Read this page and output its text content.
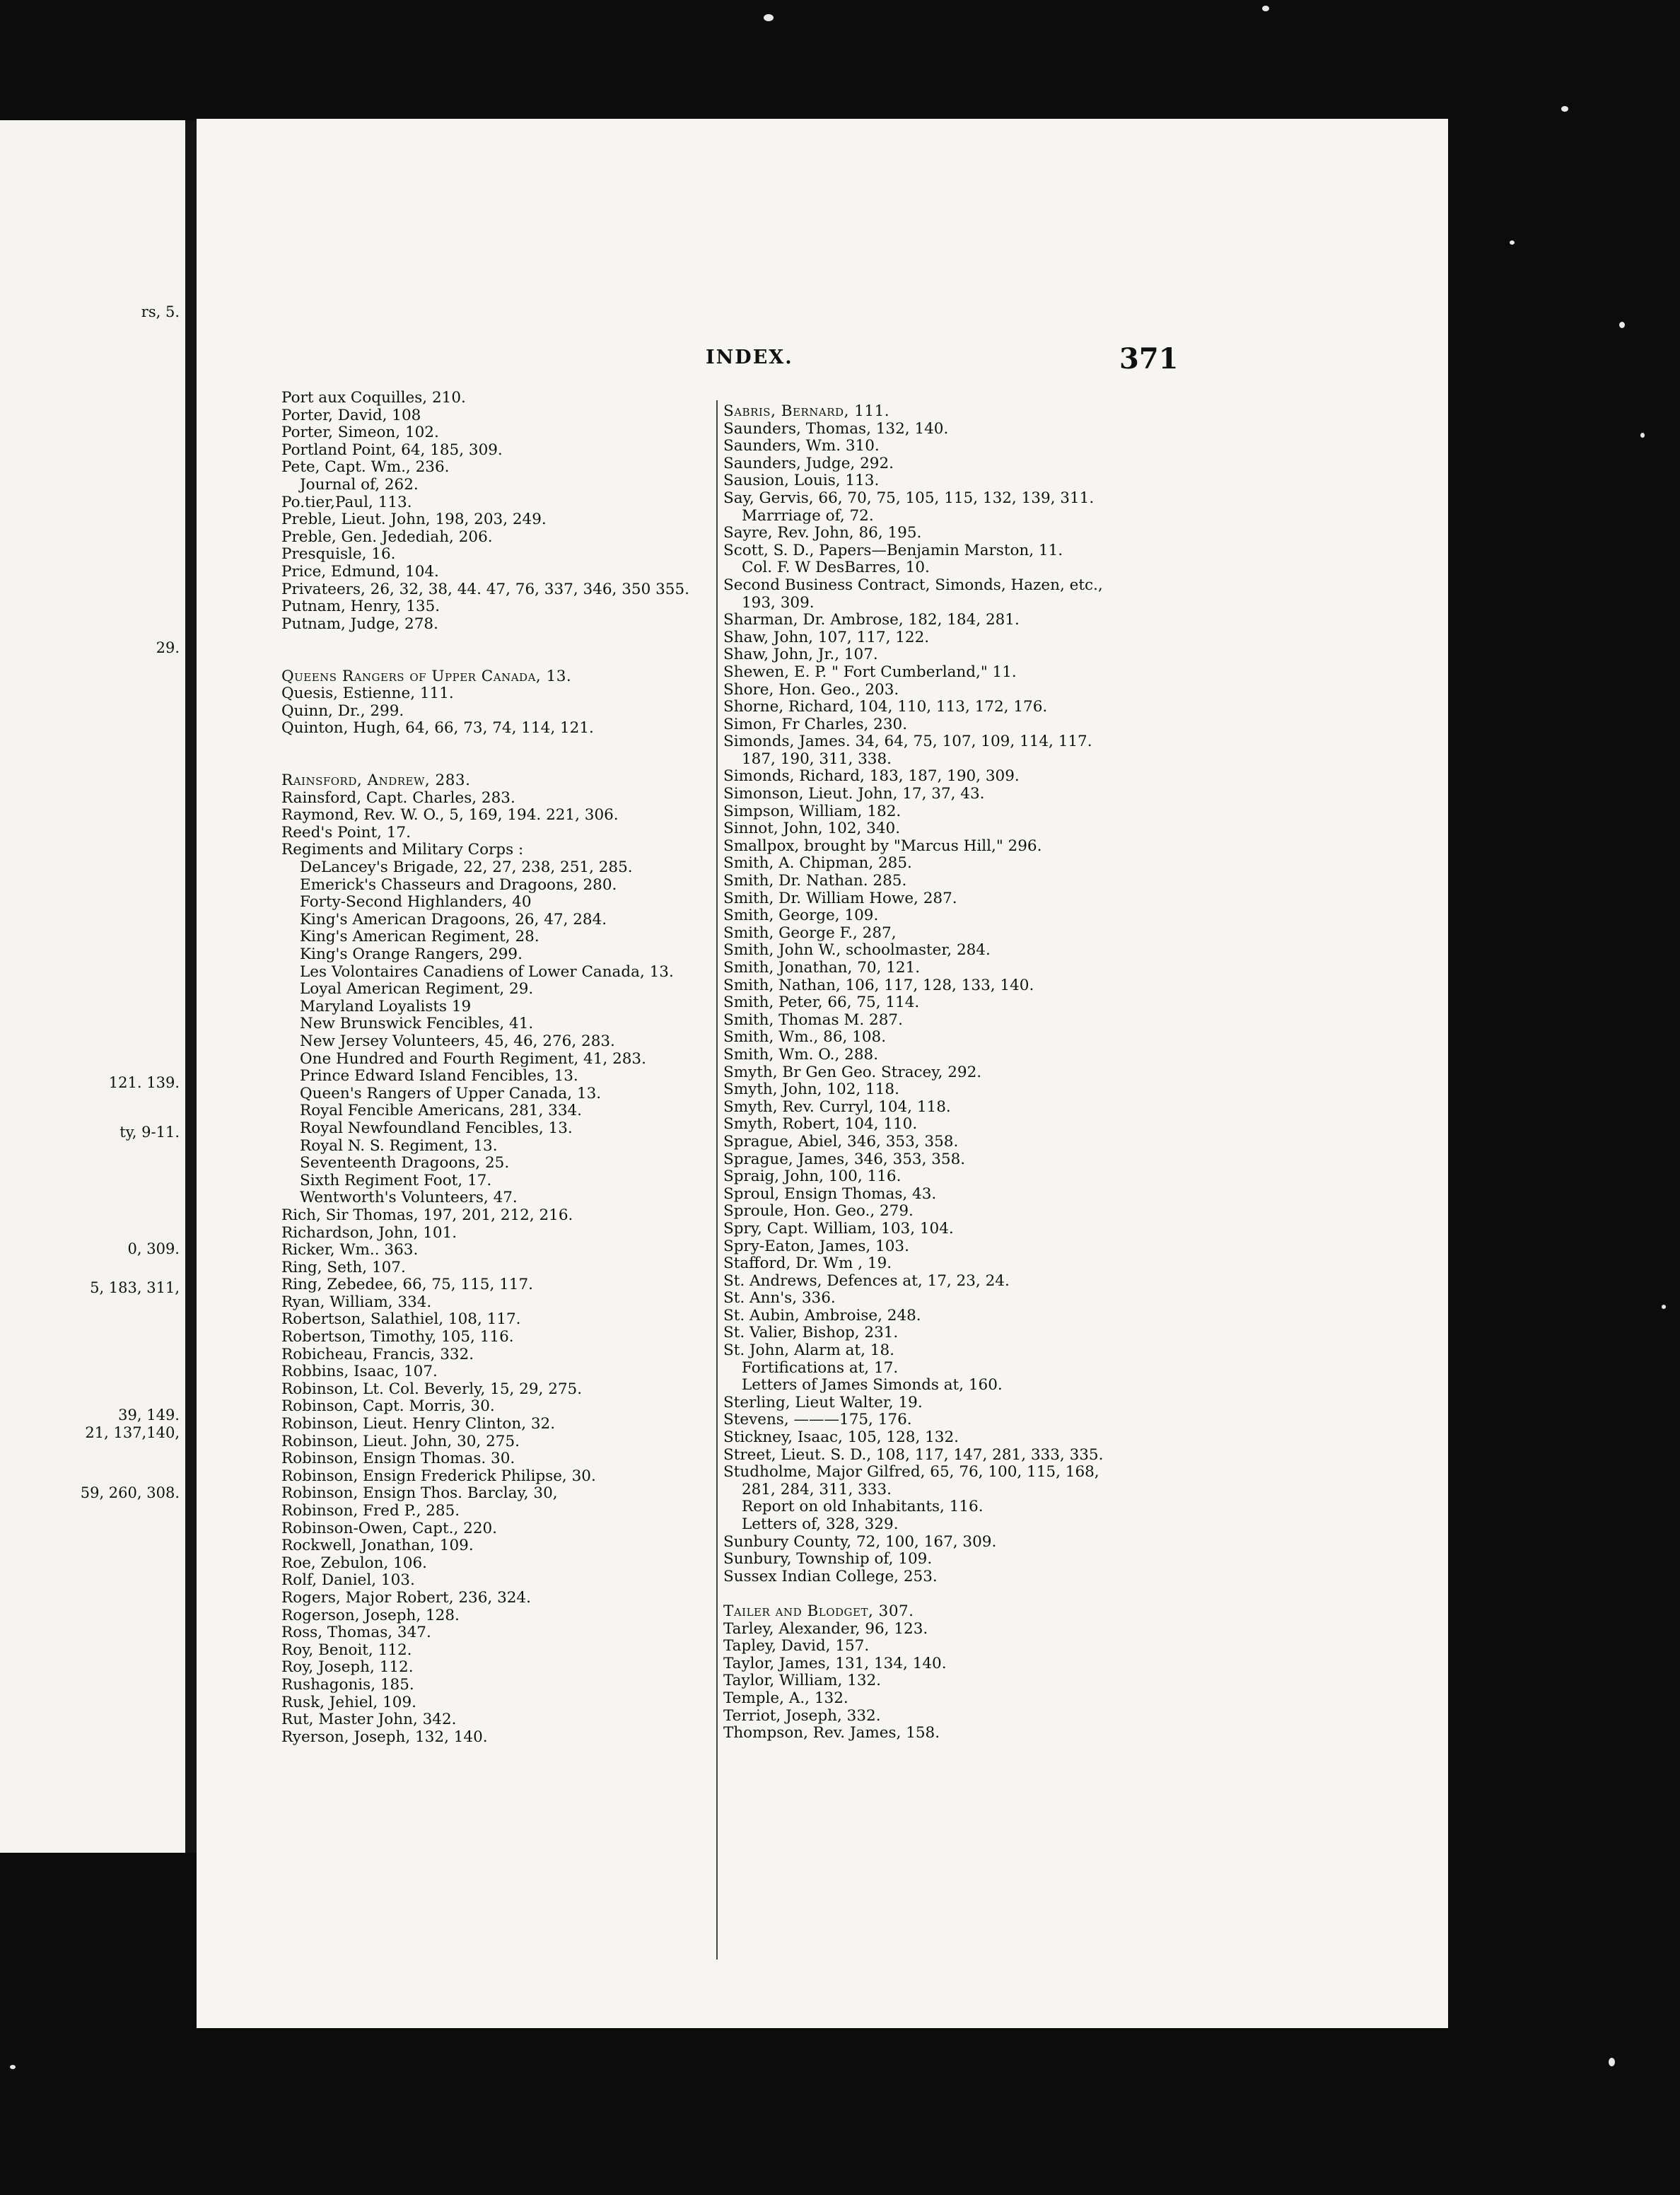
rs, 5.
29.
121. 139.
ty, 9-11.
0, 309.
5, 183, 311,
39, 149.
21, 137,140,
59, 260, 308.
INDEX.	371
Port aux Coquilles, 210.
Porter, David, 108
Porter, Simeon, 102.
Portland Point, 64, 185, 309.
Pete, Capt. Wm., 236.
Journal of, 262.
Po.tier,Paul, 113.
Preble, Lieut. John, 198, 203, 249.
Preble, Gen. Jedediah, 206.
Presquisle, 16.
Price, Edmund, 104.
Privateers, 26, 32, 38, 44. 47, 76, 337, 346, 350 355.
Putnam, Henry, 135.
Putnam, Judge, 278.
Queens Rangers of Upper Canada, 13.
Quesis, Estienne, 111.
Quinn, Dr., 299.
Quinton, Hugh, 64, 66, 73, 74, 114, 121.
Rainsford, Andrew, 283.
Rainsford, Capt. Charles, 283.
Raymond, Rev. W. O., 5, 169, 194. 221, 306.
Reed's Point, 17.
Regiments and Military Corps :
DeLancey's Brigade, 22, 27, 238, 251, 285.
Emerick's Chasseurs and Dragoons, 280.
Forty-Second Highlanders, 40
King's American Dragoons, 26, 47, 284.
King's American Regiment, 28.
King's Orange Rangers, 299.
Les Volontaires Canadiens of Lower Canada, 13.
Loyal American Regiment, 29.
Maryland Loyalists 19
New Brunswick Fencibles, 41.
New Jersey Volunteers, 45, 46, 276, 283.
One Hundred and Fourth Regiment, 41, 283.
Prince Edward Island Fencibles, 13.
Queen's Rangers of Upper Canada, 13.
Royal Fencible Americans, 281, 334.
Royal Newfoundland Fencibles, 13.
Royal N. S. Regiment, 13.
Seventeenth Dragoons, 25.
Sixth Regiment Foot, 17.
Wentworth's Volunteers, 47.
Rich, Sir Thomas, 197, 201, 212, 216.
Richardson, John, 101.
Ricker, Wm.. 363.
Ring, Seth, 107.
Ring, Zebedee, 66, 75, 115, 117.
Ryan, William, 334.
Robertson, Salathiel, 108, 117.
Robertson, Timothy, 105, 116.
Robicheau, Francis, 332.
Robbins, Isaac, 107.
Robinson, Lt. Col. Beverly, 15, 29, 275.
Robinson, Capt. Morris, 30.
Robinson, Lieut. Henry Clinton, 32.
Robinson, Lieut. John, 30, 275.
Robinson, Ensign Thomas. 30.
Robinson, Ensign Frederick Philipse, 30.
Robinson, Ensign Thos. Barclay, 30,
Robinson, Fred P., 285.
Robinson-Owen, Capt., 220.
Rockwell, Jonathan, 109.
Roe, Zebulon, 106.
Rolf, Daniel, 103.
Rogers, Major Robert, 236, 324.
Rogerson, Joseph, 128.
Ross, Thomas, 347.
Roy, Benoit, 112.
Roy, Joseph, 112.
Rushagonis, 185.
Rusk, Jehiel, 109.
Rut, Master John, 342.
Ryerson, Joseph, 132, 140.
Sabris, Bernard, 111.
Saunders, Thomas, 132, 140.
Saunders, Wm. 310.
Saunders, Judge, 292.
Sausion, Louis, 113.
Say, Gervis, 66, 70, 75, 105, 115, 132, 139, 311.
Marrriage of, 72.
Sayre, Rev. John, 86, 195.
Scott, S. D., Papers—Benjamin Marston, 11.
Col. F. W DesBarres, 10.
Second Business Contract, Simonds, Hazen, etc.,
193, 309.
Sharman, Dr. Ambrose, 182, 184, 281.
Shaw, John, 107, 117, 122.
Shaw, John, Jr., 107.
Shewen, E. P. " Fort Cumberland," 11.
Shore, Hon. Geo., 203.
Shorne, Richard, 104, 110, 113, 172, 176.
Simon, Fr Charles, 230.
Simonds, James. 34, 64, 75, 107, 109, 114, 117.
187, 190, 311, 338.
Simonds, Richard, 183, 187, 190, 309.
Simonson, Lieut. John, 17, 37, 43.
Simpson, William, 182.
Sinnot, John, 102, 340.
Smallpox, brought by "Marcus Hill," 296.
Smith, A. Chipman, 285.
Smith, Dr. Nathan. 285.
Smith, Dr. William Howe, 287.
Smith, George, 109.
Smith, George F., 287,
Smith, John W., schoolmaster, 284.
Smith, Jonathan, 70, 121.
Smith, Nathan, 106, 117, 128, 133, 140.
Smith, Peter, 66, 75, 114.
Smith, Thomas M. 287.
Smith, Wm., 86, 108.
Smith, Wm. O., 288.
Smyth, Br Gen Geo. Stracey, 292.
Smyth, John, 102, 118.
Smyth, Rev. Curryl, 104, 118.
Smyth, Robert, 104, 110.
Sprague, Abiel, 346, 353, 358.
Sprague, James, 346, 353, 358.
Spraig, John, 100, 116.
Sproul, Ensign Thomas, 43.
Sproule, Hon. Geo., 279.
Spry, Capt. William, 103, 104.
Spry-Eaton, James, 103.
Stafford, Dr. Wm , 19.
St. Andrews, Defences at, 17, 23, 24.
St. Ann's, 336.
St. Aubin, Ambroise, 248.
St. Valier, Bishop, 231.
St. John, Alarm at, 18.
Fortifications at, 17.
Letters of James Simonds at, 160.
Sterling, Lieut Walter, 19.
Stevens, ———175, 176.
Stickney, Isaac, 105, 128, 132.
Street, Lieut. S. D., 108, 117, 147, 281, 333, 335.
Studholme, Major Gilfred, 65, 76, 100, 115, 168,
281, 284, 311, 333.
Report on old Inhabitants, 116.
Letters of, 328, 329.
Sunbury County, 72, 100, 167, 309.
Sunbury, Township of, 109.
Sussex Indian College, 253.
Tailer and Blodget, 307.
Tarley, Alexander, 96, 123.
Tapley, David, 157.
Taylor, James, 131, 134, 140.
Taylor, William, 132.
Temple, A., 132.
Terriot, Joseph, 332.
Thompson, Rev. James, 158.
